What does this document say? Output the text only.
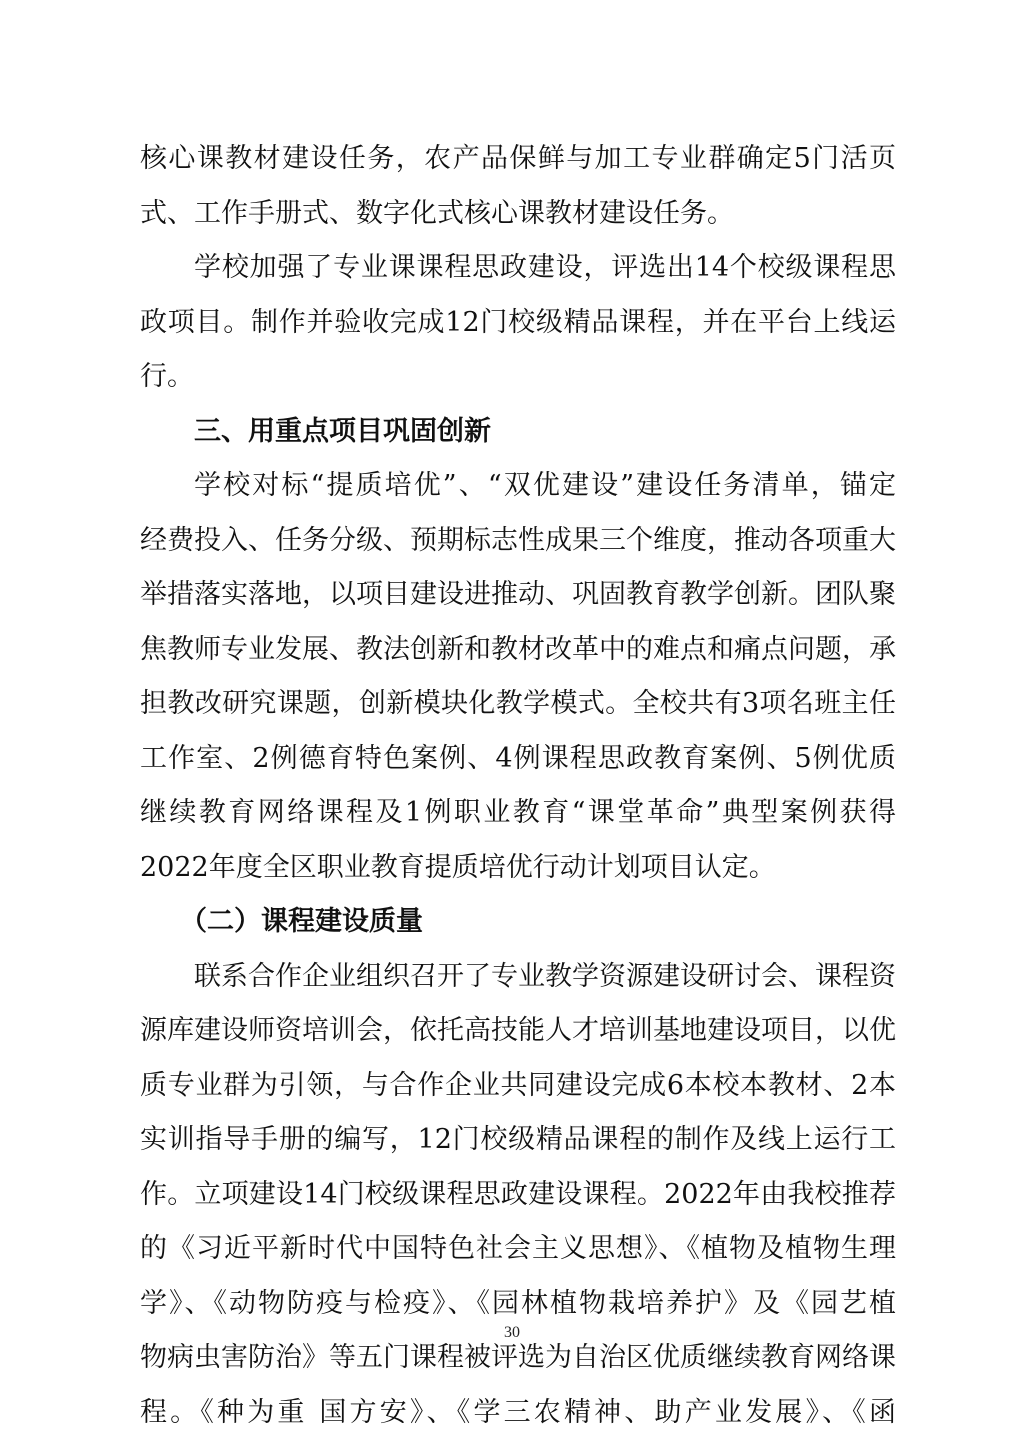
核心课教材建设任务，农产品保鲜与加工专业群确定5门活页
式、工作手册式、数字化式核心课教材建设任务。

学校加强了专业课课程思政建设，评选出14个校级课程思
政项目。制作并验收完成12门校级精品课程，并在平台上线运
行。

三、用重点项目巩固创新

学校对标“提质培优”、“双优建设”建设任务清单，锚定
经费投入、任务分级、预期标志性成果三个维度，推动各项重大
举措落实落地，以项目建设进推动、巩固教育教学创新。团队聚
焦教师专业发展、教法创新和教材改革中的难点和痛点问题，承
担教改研究课题，创新模块化教学模式。全校共有3项名班主任
工作室、2例德育特色案例、4例课程思政教育案例、5例优质
继续教育网络课程及1例职业教育“课堂革命”典型案例获得
2022年度全区职业教育提质培优行动计划项目认定。

（二）课程建设质量

联系合作企业组织召开了专业教学资源建设研讨会、课程资
源库建设师资培训会，依托高技能人才培训基地建设项目，以优
质专业群为引领，与合作企业共同建设完成6本校本教材、2本
实训指导手册的编写，12门校级精品课程的制作及线上运行工
作。立项建设14门校级课程思政建设课程。2022年由我校推荐
的《习近平新时代中国特色社会主义思想》、《植物及植物生理
学》、《动物防疫与检疫》、《园林植物栽培养护》及《园艺植
物病虫害防治》等五门课程被评选为自治区优质继续教育网络课
程。《种为重 国方安》、《学三农精神、助产业发展》、《函

30
